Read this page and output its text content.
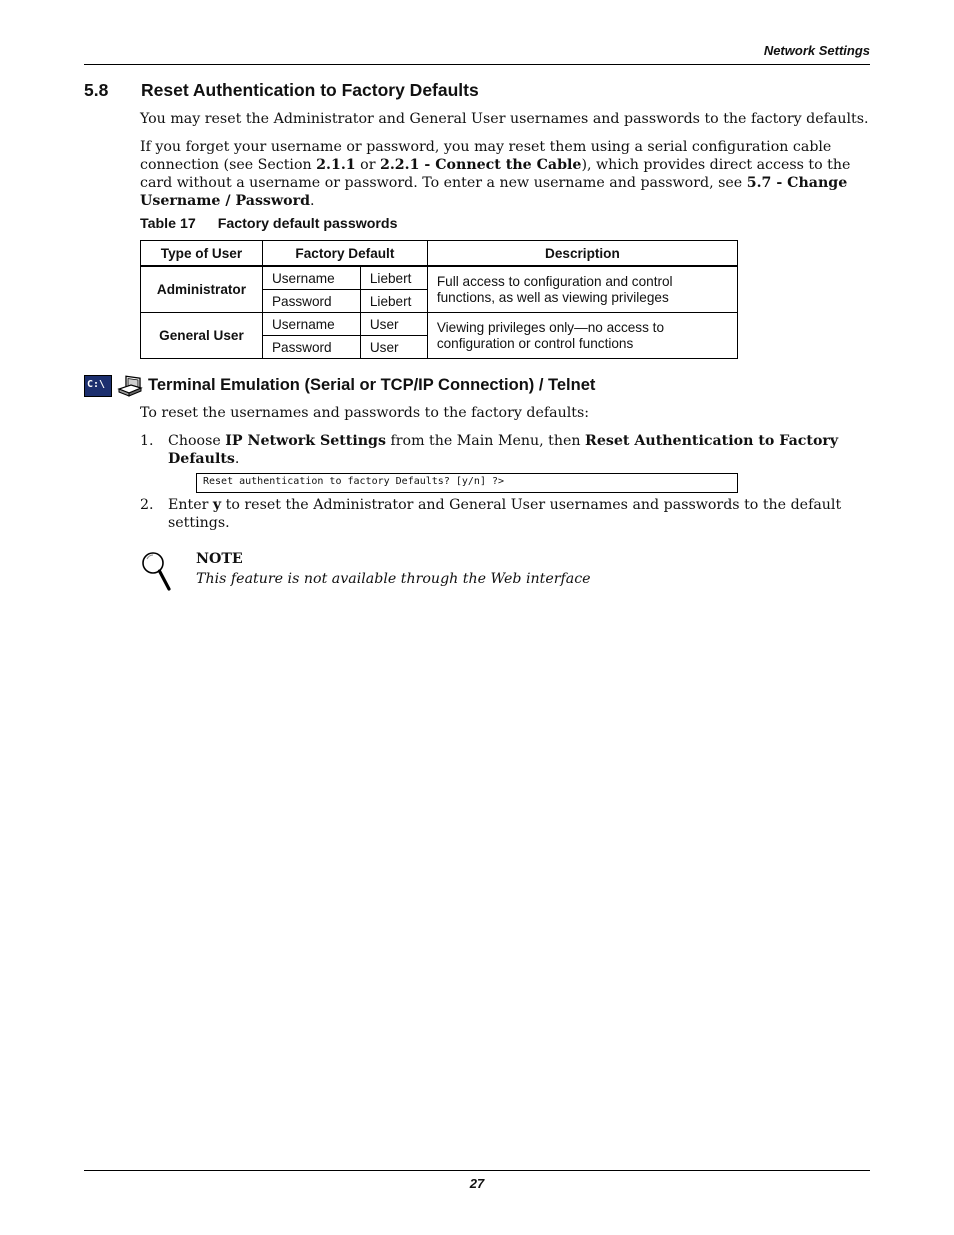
Network Settings
5.8 Reset Authentication to Factory Defaults
You may reset the Administrator and General User usernames and passwords to the factory defaults.
If you forget your username or password, you may reset them using a serial configuration cable connection (see Section 2.1.1 or 2.2.1 - Connect the Cable), which provides direct access to the card without a username or password. To enter a new username and password, see 5.7 - Change Username / Password.
Table 17 Factory default passwords
Type of User	Factory Default		Description
Administrator	Username	Liebert	Full access to configuration and control functions, as well as viewing privileges
	Password	Liebert	
General User	Username	User	Viewing privileges only—no access to configuration or control functions
	Password	User	
C:\	Terminal Emulation (Serial or TCP/IP Connection) / Telnet
To reset the usernames and passwords to the factory defaults:
1. Choose IP Network Settings from the Main Menu, then Reset Authentication to Factory Defaults.
Reset authentication to factory Defaults? [y/n] ?>
2. Enter y to reset the Administrator and General User usernames and passwords to the default settings.
NOTE
This feature is not available through the Web interface
27
